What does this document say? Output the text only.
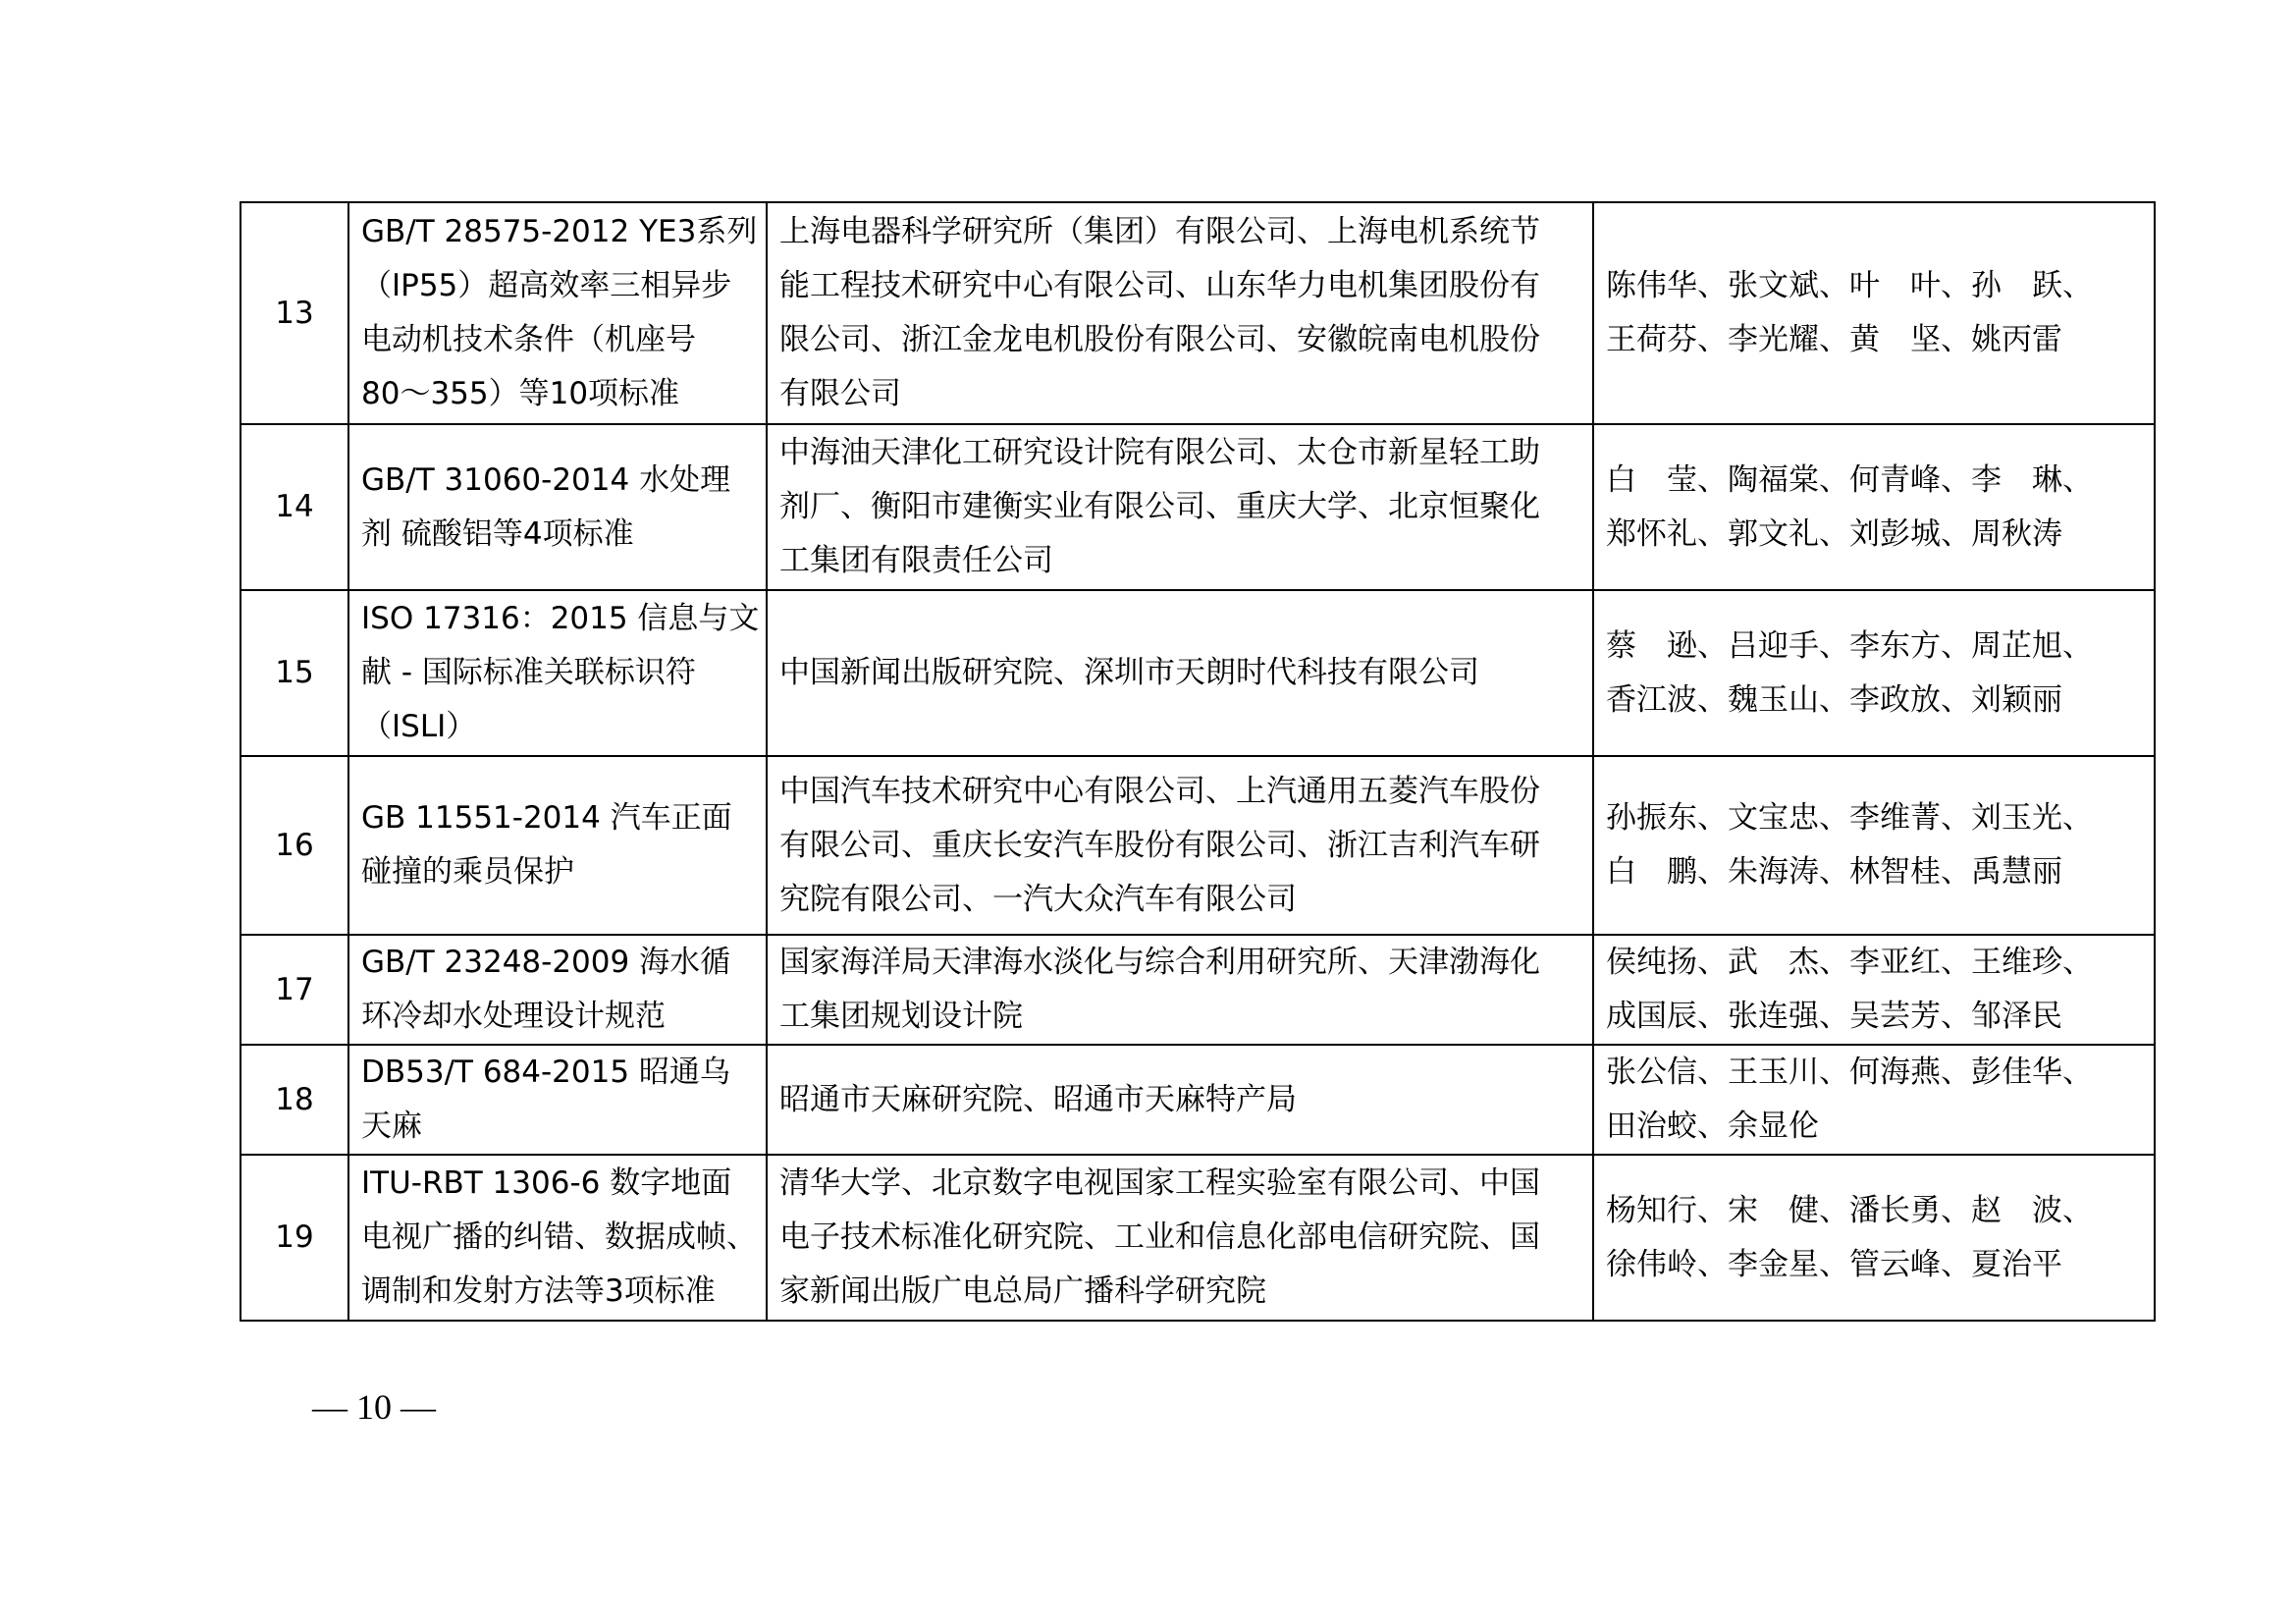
13	GB/T 28575-2012 YE3系列
（IP55）超高效率三相异步
电动机技术条件（机座号
80～355）等10项标准	上海电器科学研究所（集团）有限公司、上海电机系统节
能工程技术研究中心有限公司、山东华力电机集团股份有
限公司、浙江金龙电机股份有限公司、安徽皖南电机股份
有限公司	陈伟华、张文斌、叶　叶、孙　跃、
王荷芬、李光耀、黄　坚、姚丙雷

14	GB/T 31060-2014 水处理
剂 硫酸铝等4项标准	中海油天津化工研究设计院有限公司、太仓市新星轻工助
剂厂、衡阳市建衡实业有限公司、重庆大学、北京恒聚化
工集团有限责任公司	白　莹、陶福棠、何青峰、李　琳、
郑怀礼、郭文礼、刘彭城、周秋涛

15	ISO 17316：2015 信息与文
献 - 国际标准关联标识符
（ISLI）	中国新闻出版研究院、深圳市天朗时代科技有限公司	蔡　逊、吕迎手、李东方、周芷旭、
香江波、魏玉山、李政放、刘颖丽

16	GB 11551-2014 汽车正面
碰撞的乘员保护	中国汽车技术研究中心有限公司、上汽通用五菱汽车股份
有限公司、重庆长安汽车股份有限公司、浙江吉利汽车研
究院有限公司、一汽大众汽车有限公司	孙振东、文宝忠、李维菁、刘玉光、
白　鹏、朱海涛、林智桂、禹慧丽

17	GB/T 23248-2009 海水循
环冷却水处理设计规范	国家海洋局天津海水淡化与综合利用研究所、天津渤海化
工集团规划设计院	侯纯扬、武　杰、李亚红、王维珍、
成国辰、张连强、吴芸芳、邹泽民

18	DB53/T 684-2015 昭通乌
天麻	昭通市天麻研究院、昭通市天麻特产局	张公信、王玉川、何海燕、彭佳华、
田治蛟、余显伦

19	ITU-RBT 1306-6 数字地面
电视广播的纠错、数据成帧、
调制和发射方法等3项标准	清华大学、北京数字电视国家工程实验室有限公司、中国
电子技术标准化研究院、工业和信息化部电信研究院、国
家新闻出版广电总局广播科学研究院	杨知行、宋　健、潘长勇、赵　波、
徐伟岭、李金星、管云峰、夏治平
— 10 —
